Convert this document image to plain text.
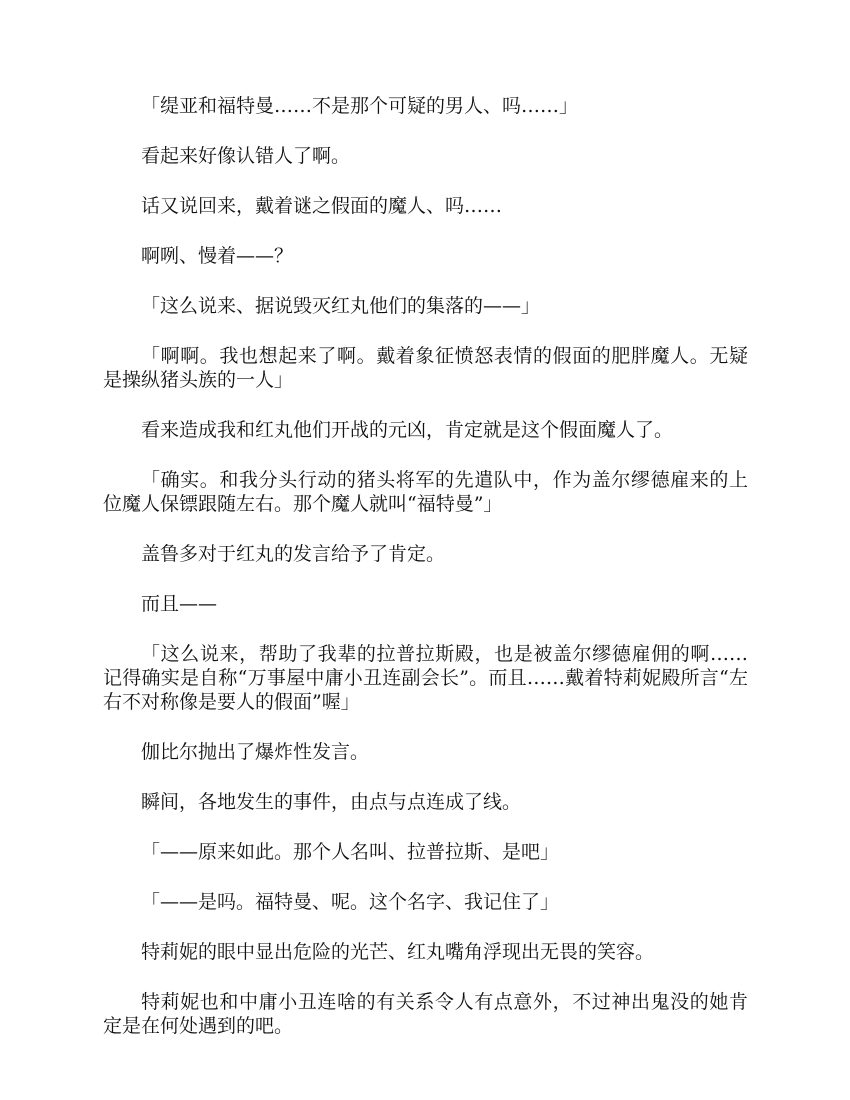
「缇亚和福特曼……不是那个可疑的男人、吗……」

看起来好像认错人了啊。

话又说回来，戴着谜之假面的魔人、吗……

啊咧、慢着——？

「这么说来、据说毁灭红丸他们的集落的——」

「啊啊。我也想起来了啊。戴着象征愤怒表情的假面的肥胖魔人。无疑是操纵猪头族的一人」

看来造成我和红丸他们开战的元凶，肯定就是这个假面魔人了。

「确实。和我分头行动的猪头将军的先遣队中，作为盖尔缪德雇来的上位魔人保镖跟随左右。那个魔人就叫“福特曼”」

盖鲁多对于红丸的发言给予了肯定。

而且——

「这么说来，帮助了我辈的拉普拉斯殿，也是被盖尔缪德雇佣的啊……记得确实是自称“万事屋中庸小丑连副会长”。而且……戴着特莉妮殿所言“左右不对称像是要人的假面”喔」

伽比尔抛出了爆炸性发言。

瞬间，各地发生的事件，由点与点连成了线。

「——原来如此。那个人名叫、拉普拉斯、是吧」

「——是吗。福特曼、呢。这个名字、我记住了」

特莉妮的眼中显出危险的光芒、红丸嘴角浮现出无畏的笑容。

特莉妮也和中庸小丑连啥的有关系令人有点意外，不过神出鬼没的她肯定是在何处遇到的吧。
